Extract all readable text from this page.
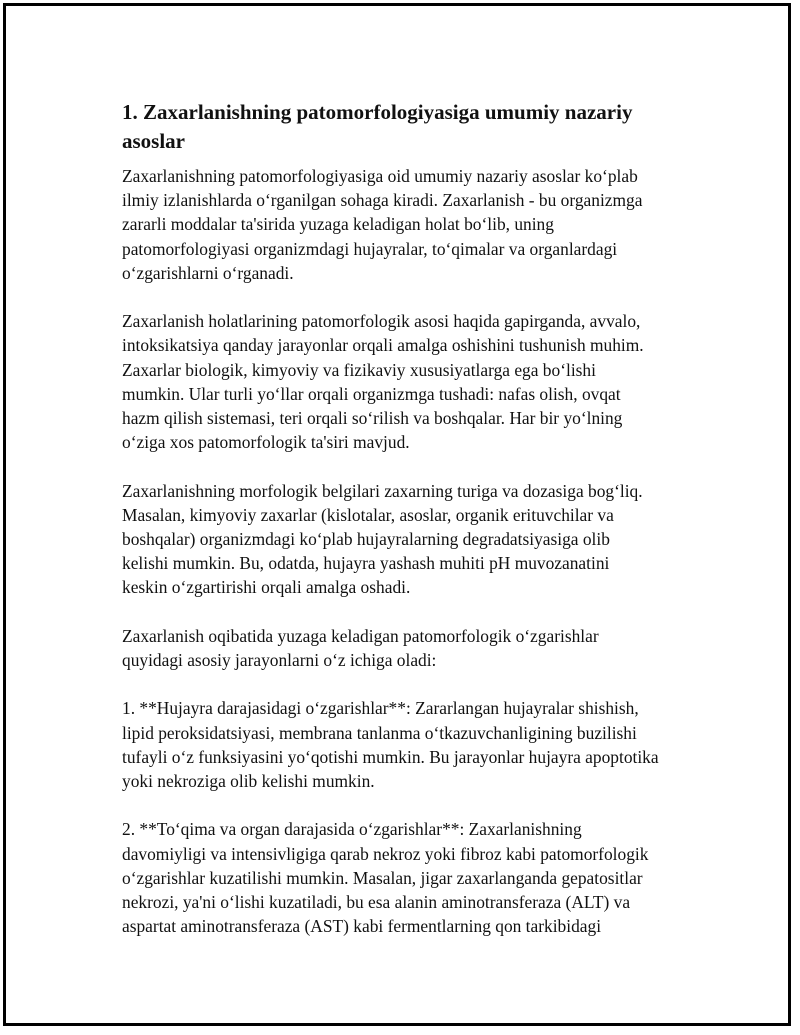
1. Zaxarlanishning patomorfologiyasiga umumiy nazariy
asoslar

Zaxarlanishning patomorfologiyasiga oid umumiy nazariy asoslar ko‘plab
ilmiy izlanishlarda o‘rganilgan sohaga kiradi. Zaxarlanish - bu organizmga
zararli moddalar ta'sirida yuzaga keladigan holat bo‘lib, uning
patomorfologiyasi organizmdagi hujayralar, to‘qimalar va organlardagi
o‘zgarishlarni o‘rganadi.

Zaxarlanish holatlarining patomorfologik asosi haqida gapirganda, avvalo,
intoksikatsiya qanday jarayonlar orqali amalga oshishini tushunish muhim.
Zaxarlar biologik, kimyoviy va fizikaviy xususiyatlarga ega bo‘lishi
mumkin. Ular turli yo‘llar orqali organizmga tushadi: nafas olish, ovqat
hazm qilish sistemasi, teri orqali so‘rilish va boshqalar. Har bir yo‘lning
o‘ziga xos patomorfologik ta'siri mavjud.

Zaxarlanishning morfologik belgilari zaxarning turiga va dozasiga bog‘liq.
Masalan, kimyoviy zaxarlar (kislotalar, asoslar, organik erituvchilar va
boshqalar) organizmdagi ko‘plab hujayralarning degradatsiyasiga olib
kelishi mumkin. Bu, odatda, hujayra yashash muhiti pH muvozanatini
keskin o‘zgartirishi orqali amalga oshadi.

Zaxarlanish oqibatida yuzaga keladigan patomorfologik o‘zgarishlar
quyidagi asosiy jarayonlarni o‘z ichiga oladi:

1. **Hujayra darajasidagi o‘zgarishlar**: Zararlangan hujayralar shishish,
lipid peroksidatsiyasi, membrana tanlanma o‘tkazuvchanligining buzilishi
tufayli o‘z funksiyasini yo‘qotishi mumkin. Bu jarayonlar hujayra apoptotika
yoki nekroziga olib kelishi mumkin.

2. **To‘qima va organ darajasida o‘zgarishlar**: Zaxarlanishning
davomiyligi va intensivligiga qarab nekroz yoki fibroz kabi patomorfologik
o‘zgarishlar kuzatilishi mumkin. Masalan, jigar zaxarlanganda gepatositlar
nekrozi, ya'ni o‘lishi kuzatiladi, bu esa alanin aminotransferaza (ALT) va
aspartat aminotransferaza (AST) kabi fermentlarning qon tarkibidagi
